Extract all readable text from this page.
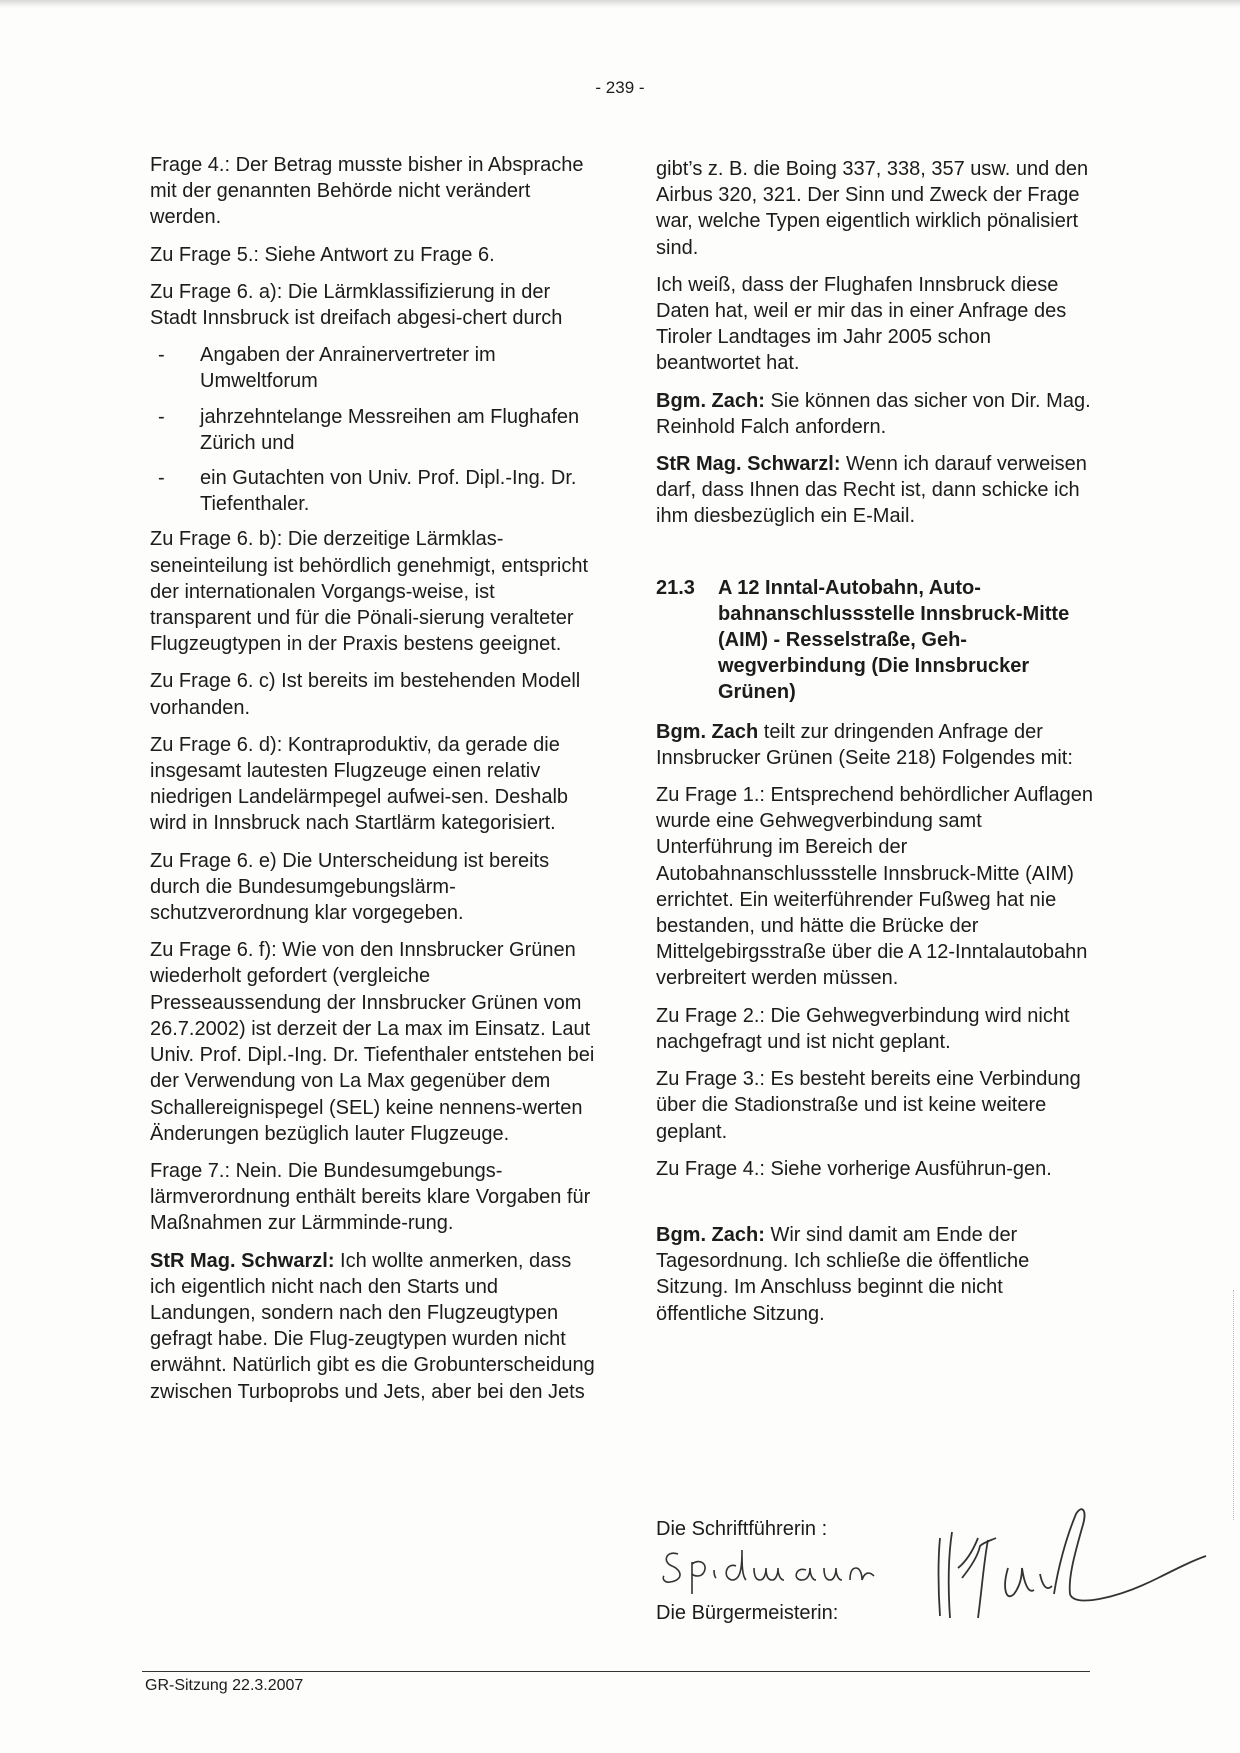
- 239 -

Frage 4.: Der Betrag musste bisher in Absprache mit der genannten Behörde nicht verändert werden.

Zu Frage 5.: Siehe Antwort zu Frage 6.

Zu Frage 6. a): Die Lärmklassifizierung in der Stadt Innsbruck ist dreifach abgesi-chert durch

- Angaben der Anrainervertreter im Umweltforum
- jahrzehntelange Messreihen am Flughafen Zürich und
- ein Gutachten von Univ. Prof. Dipl.-Ing. Dr. Tiefenthaler.

Zu Frage 6. b): Die derzeitige Lärmklas-seneinteilung ist behördlich genehmigt, entspricht der internationalen Vorgangs-weise, ist transparent und für die Pönali-sierung veralteter Flugzeugtypen in der Praxis bestens geeignet.

Zu Frage 6. c) Ist bereits im bestehenden Modell vorhanden.

Zu Frage 6. d): Kontraproduktiv, da gerade die insgesamt lautesten Flugzeuge einen relativ niedrigen Landelärmpegel aufwei-sen. Deshalb wird in Innsbruck nach Startlärm kategorisiert.

Zu Frage 6. e) Die Unterscheidung ist bereits durch die Bundesumgebungslärm-schutzverordnung klar vorgegeben.

Zu Frage 6. f): Wie von den Innsbrucker Grünen wiederholt gefordert (vergleiche Presseaussendung der Innsbrucker Grünen vom 26.7.2002) ist derzeit der La max im Einsatz. Laut Univ. Prof. Dipl.-Ing. Dr. Tiefenthaler entstehen bei der Verwendung von La Max gegenüber dem Schallereignispegel (SEL) keine nennens-werten Änderungen bezüglich lauter Flugzeuge.

Frage 7.: Nein. Die Bundesumgebungs-lärmverordnung enthält bereits klare Vorgaben für Maßnahmen zur Lärmminde-rung.

StR Mag. Schwarzl: Ich wollte anmerken, dass ich eigentlich nicht nach den Starts und Landungen, sondern nach den Flugzeugtypen gefragt habe. Die Flug-zeugtypen wurden nicht erwähnt. Natürlich gibt es die Grobunterscheidung zwischen Turboprobs und Jets, aber bei den Jets

gibt’s z. B. die Boing 337, 338, 357 usw. und den Airbus 320, 321. Der Sinn und Zweck der Frage war, welche Typen eigentlich wirklich pönalisiert sind.

Ich weiß, dass der Flughafen Innsbruck diese Daten hat, weil er mir das in einer Anfrage des Tiroler Landtages im Jahr 2005 schon beantwortet hat.

Bgm. Zach: Sie können das sicher von Dir. Mag. Reinhold Falch anfordern.

StR Mag. Schwarzl: Wenn ich darauf verweisen darf, dass Ihnen das Recht ist, dann schicke ich ihm diesbezüglich ein E-Mail.

21.3	A 12 Inntal-Autobahn, Auto-bahnanschlussstelle Innsbruck-Mitte (AIM) - Resselstraße, Geh-wegverbindung (Die Innsbrucker Grünen)

Bgm. Zach teilt zur dringenden Anfrage der Innsbrucker Grünen (Seite 218) Folgendes mit:

Zu Frage 1.: Entsprechend behördlicher Auflagen wurde eine Gehwegverbindung samt Unterführung im Bereich der Autobahnanschlussstelle Innsbruck-Mitte (AIM) errichtet. Ein weiterführender Fußweg hat nie bestanden, und hätte die Brücke der Mittelgebirgsstraße über die A 12-Inntalautobahn verbreitert werden müssen.

Zu Frage 2.: Die Gehwegverbindung wird nicht nachgefragt und ist nicht geplant.

Zu Frage 3.: Es besteht bereits eine Verbindung über die Stadionstraße und ist keine weitere geplant.

Zu Frage 4.: Siehe vorherige Ausführun-gen.

Bgm. Zach: Wir sind damit am Ende der Tagesordnung. Ich schließe die öffentliche Sitzung. Im Anschluss beginnt die nicht öffentliche Sitzung.

Die Schriftführerin :
Die Bürgermeisterin:
GR-Sitzung 22.3.2007
